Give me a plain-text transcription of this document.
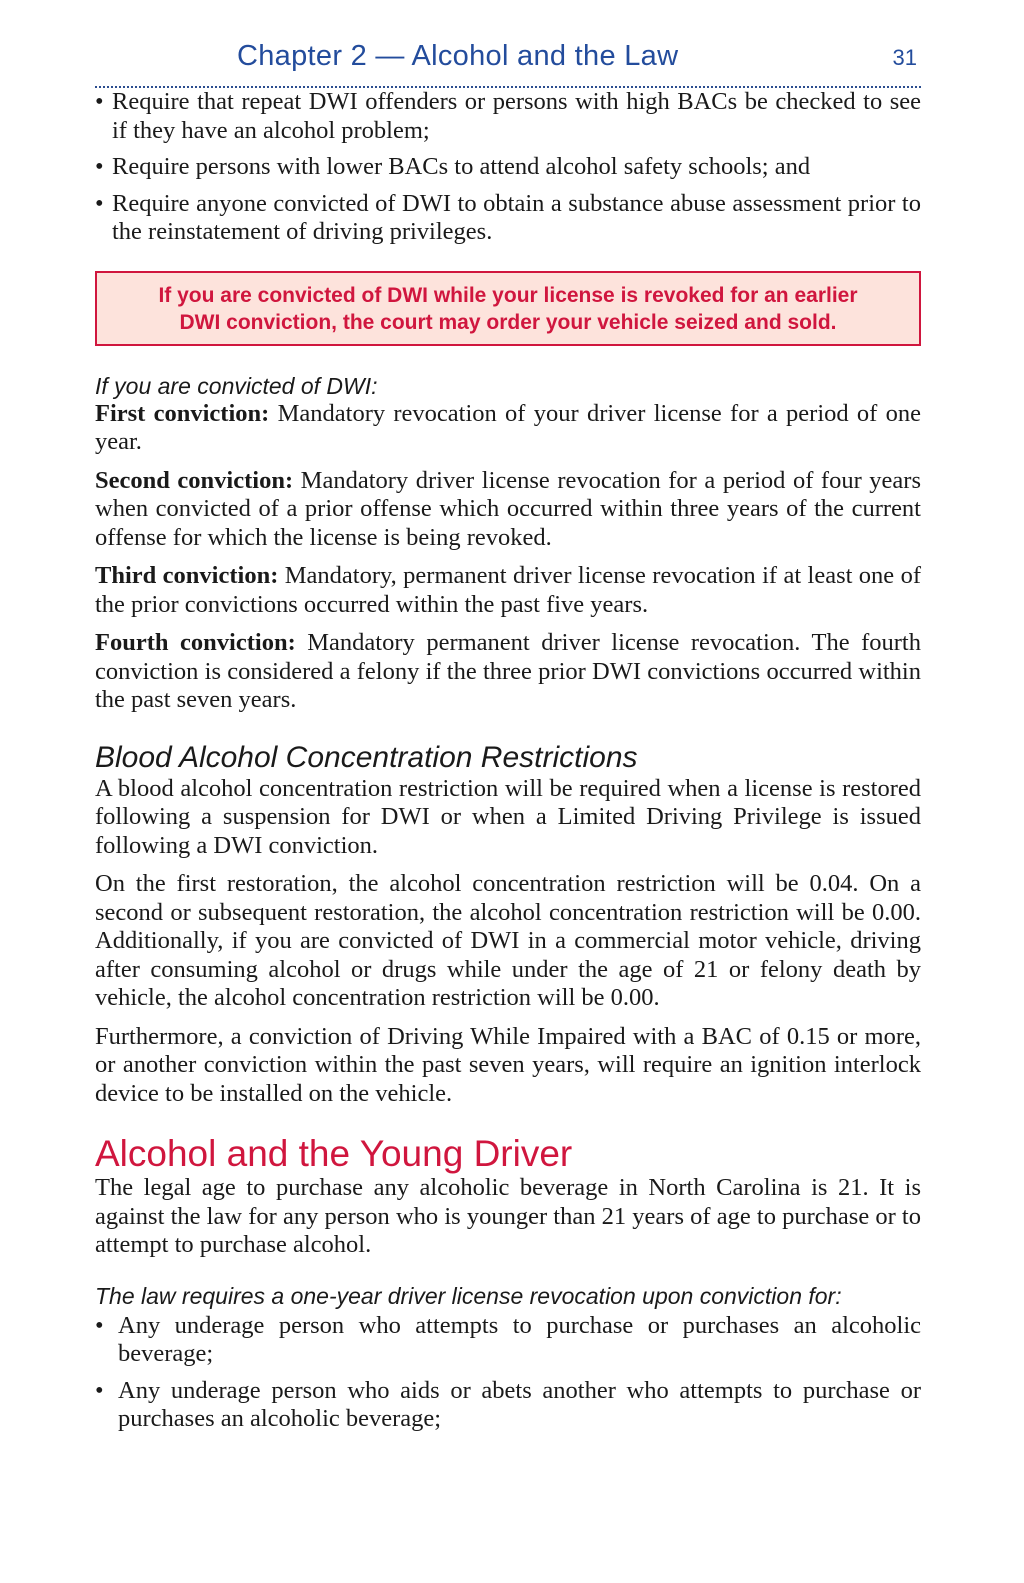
Chapter 2 — Alcohol and the Law	31
• Require that repeat DWI offenders or persons with high BACs be checked to see if they have an alcohol problem;
• Require persons with lower BACs to attend alcohol safety schools; and
• Require anyone convicted of DWI to obtain a substance abuse assessment prior to the reinstatement of driving privileges.
If you are convicted of DWI while your license is revoked for an earlier
DWI conviction, the court may order your vehicle seized and sold.
If you are convicted of DWI:

First conviction: Mandatory revocation of your driver license for a period of one year.

Second conviction: Mandatory driver license revocation for a period of four years when convicted of a prior offense which occurred within three years of the current offense for which the license is being revoked.

Third conviction: Mandatory, permanent driver license revocation if at least one of the prior convictions occurred within the past five years.

Fourth conviction: Mandatory permanent driver license revocation. The fourth conviction is considered a felony if the three prior DWI convictions occurred within the past seven years.

Blood Alcohol Concentration Restrictions

A blood alcohol concentration restriction will be required when a license is restored following a suspension for DWI or when a Limited Driving Privilege is issued following a DWI conviction.

On the first restoration, the alcohol concentration restriction will be 0.04. On a second or subsequent restoration, the alcohol concentration restriction will be 0.00. Additionally, if you are convicted of DWI in a commercial motor vehicle, driving after consuming alcohol or drugs while under the age of 21 or felony death by vehicle, the alcohol concentration restriction will be 0.00.

Furthermore, a conviction of Driving While Impaired with a BAC of 0.15 or more, or another conviction within the past seven years, will require an ignition interlock device to be installed on the vehicle.

Alcohol and the Young Driver

The legal age to purchase any alcoholic beverage in North Carolina is 21. It is against the law for any person who is younger than 21 years of age to purchase or to attempt to purchase alcohol.

The law requires a one-year driver license revocation upon conviction for:
• Any underage person who attempts to purchase or purchases an alcoholic beverage;
• Any underage person who aids or abets another who attempts to purchase or purchases an alcoholic beverage;
